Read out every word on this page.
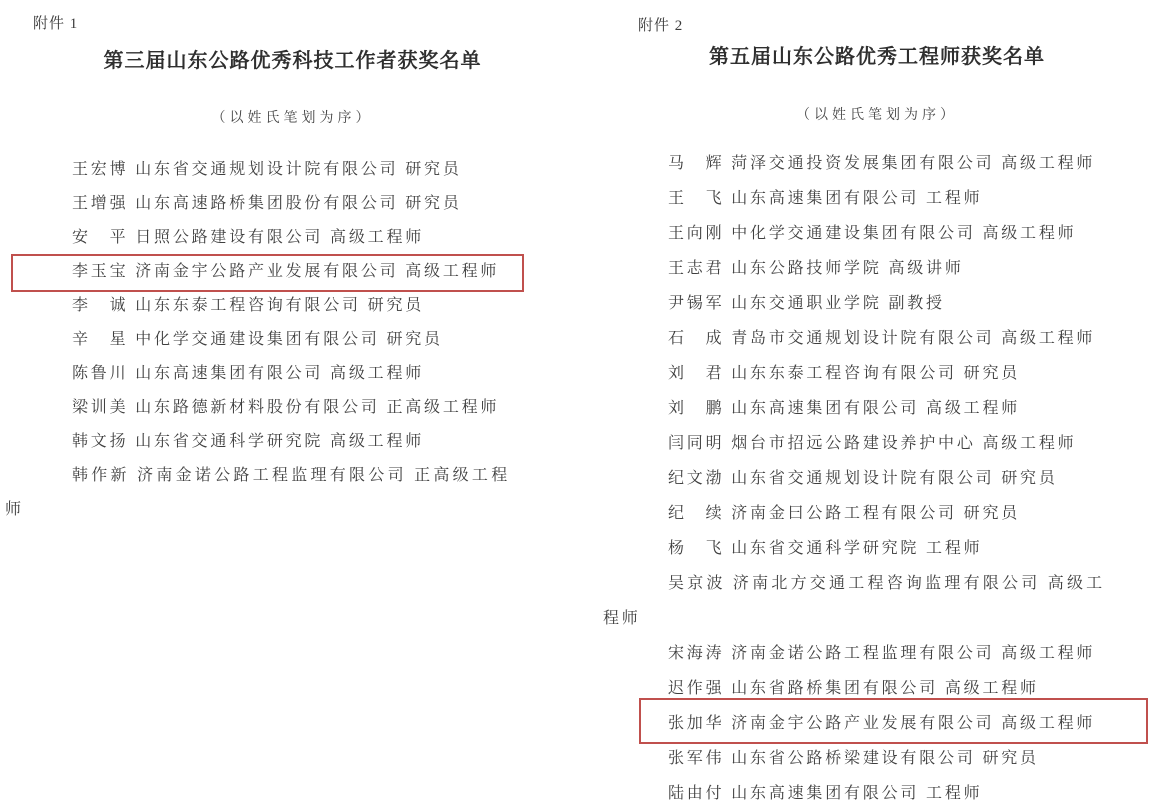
附件 1
第三届山东公路优秀科技工作者获奖名单
（以姓氏笔划为序）
王宏博 山东省交通规划设计院有限公司 研究员
王增强 山东高速路桥集团股份有限公司 研究员
安　平 日照公路建设有限公司 高级工程师
李玉宝 济南金宇公路产业发展有限公司 高级工程师
李　诚 山东东泰工程咨询有限公司 研究员
辛　星 中化学交通建设集团有限公司 研究员
陈鲁川 山东高速集团有限公司 高级工程师
梁训美 山东路德新材料股份有限公司 正高级工程师
韩文扬 山东省交通科学研究院 高级工程师
韩作新 济南金诺公路工程监理有限公司 正高级工程师
附件 2
第五届山东公路优秀工程师获奖名单
（以姓氏笔划为序）
马　辉 菏泽交通投资发展集团有限公司 高级工程师
王　飞 山东高速集团有限公司 工程师
王向刚 中化学交通建设集团有限公司 高级工程师
王志君 山东公路技师学院 高级讲师
尹锡军 山东交通职业学院 副教授
石　成 青岛市交通规划设计院有限公司 高级工程师
刘　君 山东东泰工程咨询有限公司 研究员
刘　鹏 山东高速集团有限公司 高级工程师
闫同明 烟台市招远公路建设养护中心 高级工程师
纪文渤 山东省交通规划设计院有限公司 研究员
纪　续 济南金曰公路工程有限公司 研究员
杨　飞 山东省交通科学研究院 工程师
吴京波 济南北方交通工程咨询监理有限公司 高级工程师
宋海涛 济南金诺公路工程监理有限公司 高级工程师
迟作强 山东省路桥集团有限公司 高级工程师
张加华 济南金宇公路产业发展有限公司 高级工程师
张军伟 山东省公路桥梁建设有限公司 研究员
陆由付 山东高速集团有限公司 工程师
